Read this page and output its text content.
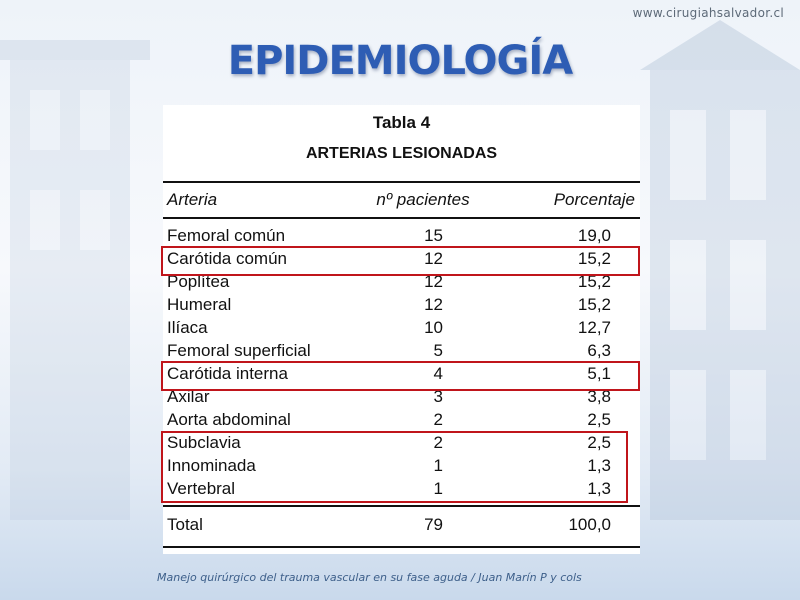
www.cirugiahsalvador.cl
EPIDEMIOLOGÍA
Tabla 4
ARTERIAS LESIONADAS
Arteria	nº pacientes	Porcentaje
Femoral común	15	19,0
Carótida común	12	15,2
Poplítea	12	15,2
Humeral	12	15,2
Ilíaca	10	12,7
Femoral superficial	5	6,3
Carótida interna	4	5,1
Axilar	3	3,8
Aorta abdominal	2	2,5
Subclavia	2	2,5
Innominada	1	1,3
Vertebral	1	1,3
Total	79	100,0
Manejo quirúrgico del trauma vascular en su fase aguda / Juan Marín P y cols
